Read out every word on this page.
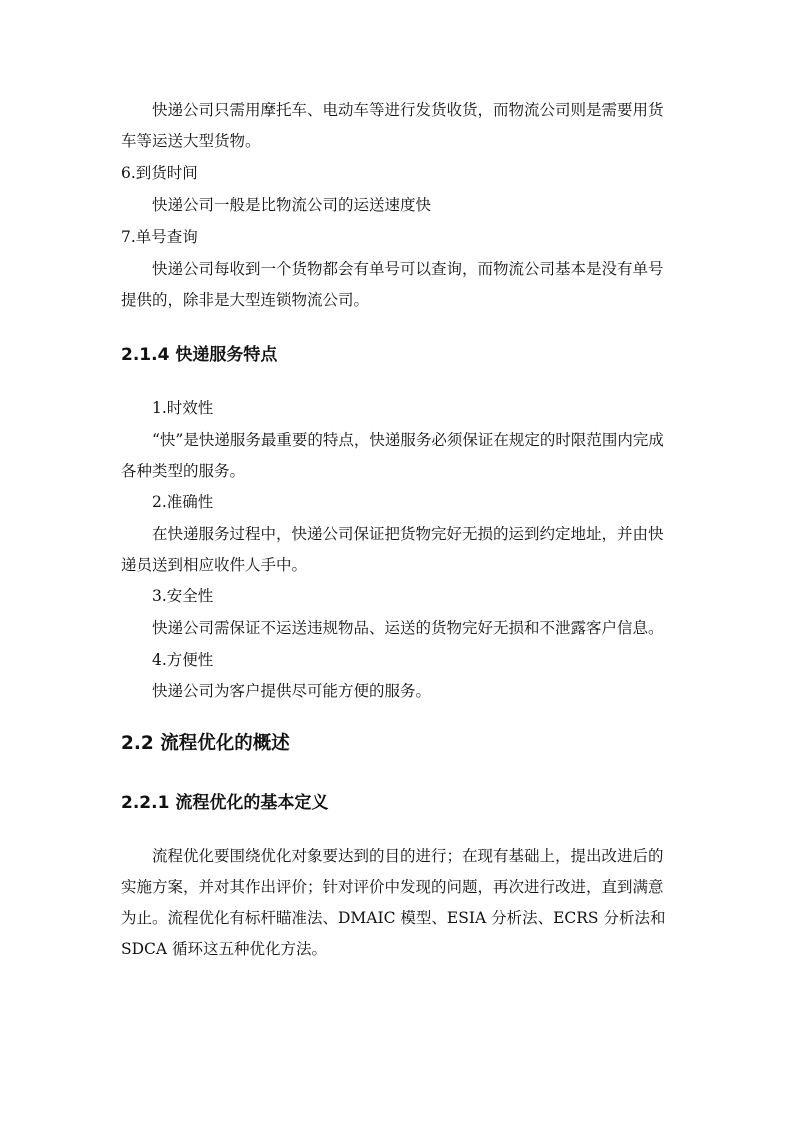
快递公司只需用摩托车、电动车等进行发货收货，而物流公司则是需要用货
车等运送大型货物。
6.到货时间
快递公司一般是比物流公司的运送速度快
7.单号查询
快递公司每收到一个货物都会有单号可以查询，而物流公司基本是没有单号
提供的，除非是大型连锁物流公司。
2.1.4 快递服务特点
1.时效性
“快”是快递服务最重要的特点，快递服务必须保证在规定的时限范围内完成
各种类型的服务。
2.准确性
在快递服务过程中，快递公司保证把货物完好无损的运到约定地址，并由快
递员送到相应收件人手中。
3.安全性
快递公司需保证不运送违规物品、运送的货物完好无损和不泄露客户信息。
4.方便性
快递公司为客户提供尽可能方便的服务。
2.2 流程优化的概述
2.2.1 流程优化的基本定义
流程优化要围绕优化对象要达到的目的进行；在现有基础上，提出改进后的
实施方案，并对其作出评价；针对评价中发现的问题，再次进行改进，直到满意
为止。流程优化有标杆瞄准法、DMAIC 模型、ESIA 分析法、ECRS 分析法和
SDCA 循环这五种优化方法。
